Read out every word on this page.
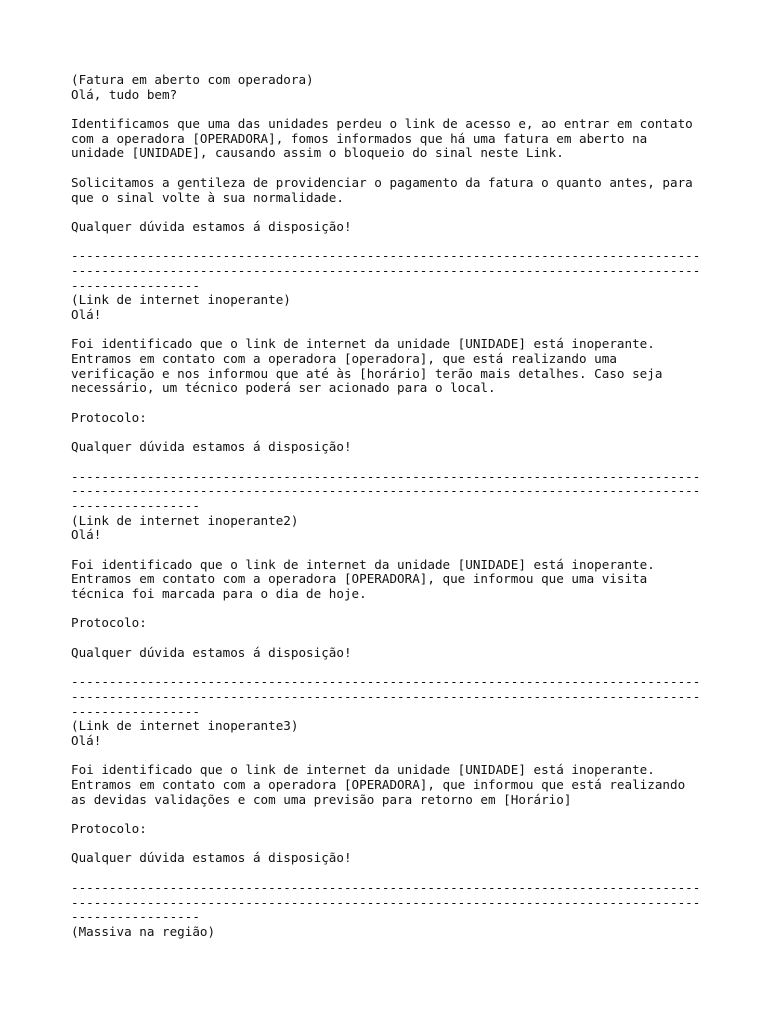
(Fatura em aberto com operadora)
Olá, tudo bem?
Identificamos que uma das unidades perdeu o link de acesso e, ao entrar em contato
com a operadora [OPERADORA], fomos informados que há uma fatura em aberto na
unidade [UNIDADE], causando assim o bloqueio do sinal neste Link.
Solicitamos a gentileza de providenciar o pagamento da fatura o quanto antes, para
que o sinal volte à sua normalidade.
Qualquer dúvida estamos á disposição!
-----------------------------------------------------------------------------------
-----------------------------------------------------------------------------------
-----------------
(Link de internet inoperante)
Olá!
Foi identificado que o link de internet da unidade [UNIDADE] está inoperante.
Entramos em contato com a operadora [operadora], que está realizando uma
verificação e nos informou que até às [horário] terão mais detalhes. Caso seja
necessário, um técnico poderá ser acionado para o local.
Protocolo:
Qualquer dúvida estamos á disposição!
-----------------------------------------------------------------------------------
-----------------------------------------------------------------------------------
-----------------
(Link de internet inoperante2)
Olá!
Foi identificado que o link de internet da unidade [UNIDADE] está inoperante.
Entramos em contato com a operadora [OPERADORA], que informou que uma visita
técnica foi marcada para o dia de hoje.
Protocolo:
Qualquer dúvida estamos á disposição!
-----------------------------------------------------------------------------------
-----------------------------------------------------------------------------------
-----------------
(Link de internet inoperante3)
Olá!
Foi identificado que o link de internet da unidade [UNIDADE] está inoperante.
Entramos em contato com a operadora [OPERADORA], que informou que está realizando
as devidas validações e com uma previsão para retorno em [Horário]
Protocolo:
Qualquer dúvida estamos á disposição!
-----------------------------------------------------------------------------------
-----------------------------------------------------------------------------------
-----------------
(Massiva na região)
